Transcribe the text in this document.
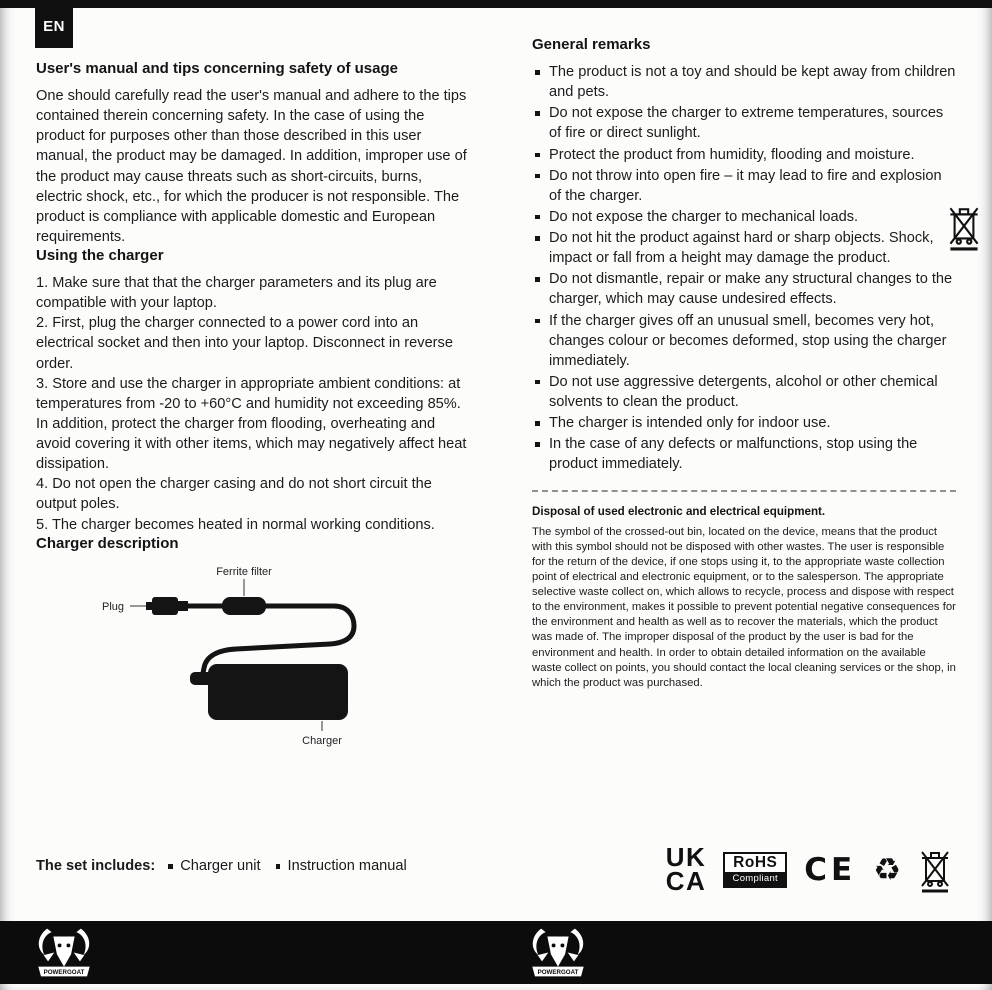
EN
User's manual and tips concerning safety of usage

One should carefully read the user's manual and adhere to the tips contained therein concerning safety. In the case of using the product for purposes other than those described in this user manual, the product may be damaged. In addition, improper use of the product may cause threats such as short-circuits, burns, electric shock, etc., for which the producer is not responsible. The product is compliance with applicable domestic and European requirements.

Using the charger

1. Make sure that that the charger parameters and its plug are compatible with your laptop.

2. First, plug the charger connected to a power cord into an electrical socket and then into your laptop. Disconnect in reverse order.

3. Store and use the charger in appropriate ambient conditions: at temperatures from -20 to +60°C and humidity not exceeding 85%. In addition, protect the charger from flooding, overheating and avoid covering it with other items, which may negatively affect heat dissipation.

4. Do not open the charger casing and do not short circuit the output poles.

5. The charger becomes heated in normal working conditions.

Charger description
Ferrite filter
Plug
Charger
The set includes:	Charger unit	Instruction manual
General remarks
The product is not a toy and should be kept away from children and pets.
Do not expose the charger to extreme temperatures, sources of fire or direct sunlight.
Protect the product from humidity, flooding and moisture.
Do not throw into open fire – it may lead to fire and explosion of the charger.
Do not expose the charger to mechanical loads.
Do not hit the product against hard or sharp objects. Shock, impact or fall from a height may damage the product.
Do not dismantle, repair or make any structural changes to the charger, which may cause undesired effects.
If the charger gives off an unusual smell, becomes very hot, changes colour or becomes deformed, stop using the charger immediately.
Do not use aggressive detergents, alcohol or other chemical solvents to clean the product.
The charger is intended only for indoor use.
In the case of any defects or malfunctions, stop using the product immediately.
Disposal of used electronic and electrical equipment.

The symbol of the crossed-out bin, located on the device, means that the product with this symbol should not be disposed with other wastes. The user is responsible for the return of the device, if one stops using it, to the appropriate waste collection point of electrical and electronic equipment, or to the salesperson. The appropriate selective waste collect on, which allows to recycle, process and dispose with respect to the environment, makes it possible to prevent potential negative consequences for the environment and health as well as to recover the materials, which the product was made of. The improper disposal of the product by the user is bad for the environment and health. In order to obtain detailed information on the available waste collect on points, you should contact the local cleaning services or the shop, in which the product was purchased.

UK
CA
RoHS
Compliant CE ♻
POWERGOAT	POWERGOAT
